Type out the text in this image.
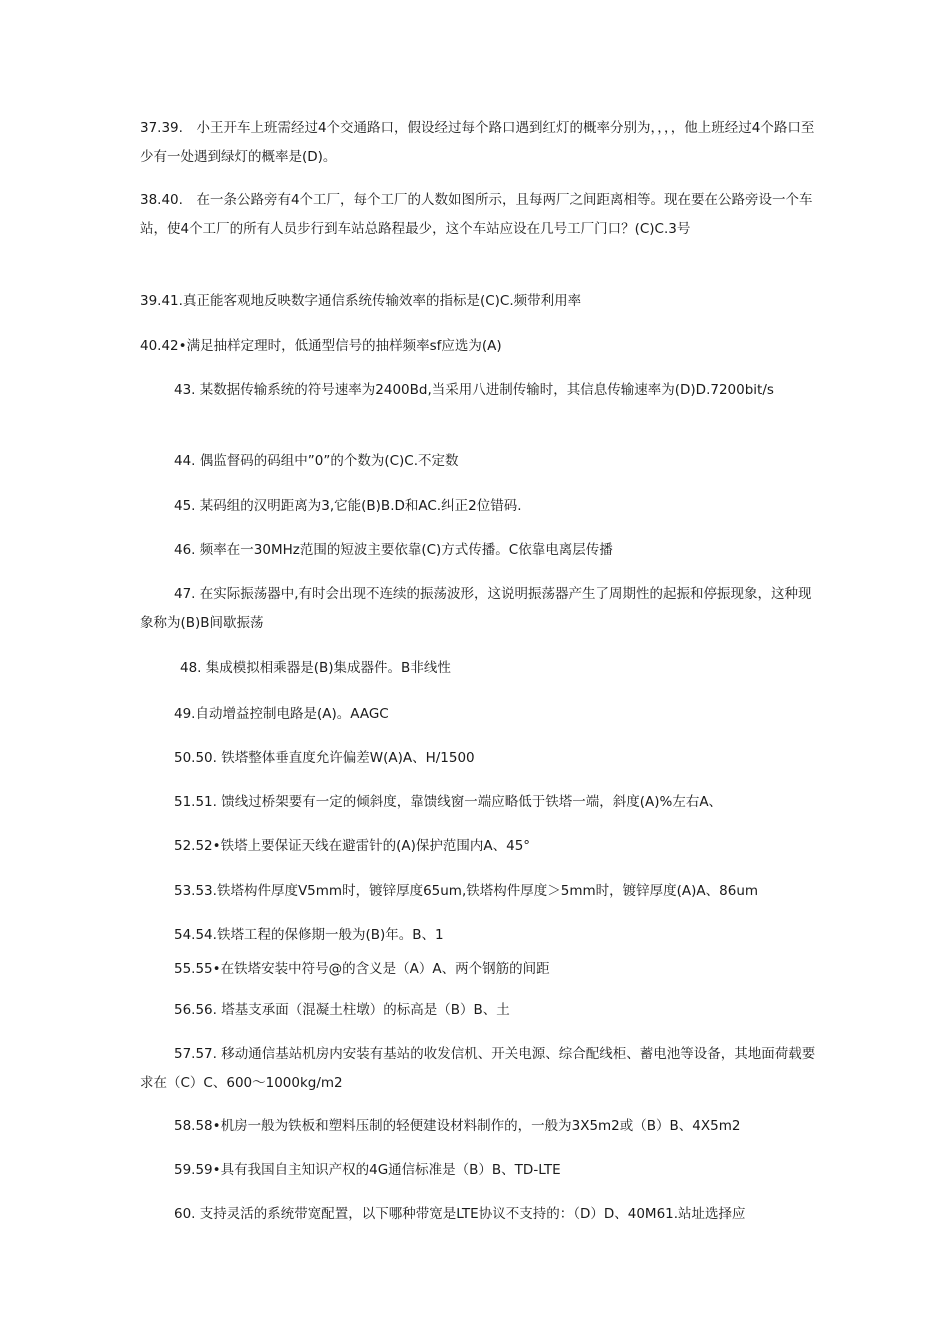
37.39.　小王开车上班需经过4个交通路口，假设经过每个路口遇到红灯的概率分别为，，，，他上班经过4个路口至少有一处遇到绿灯的概率是(D)。

38.40.　在一条公路旁有4个工厂，每个工厂的人数如图所示，且每两厂之间距离相等。现在要在公路旁设一个车站，使4个工厂的所有人员步行到车站总路程最少，这个车站应设在几号工厂门口？(C)C.3号

39.41.真正能客观地反映数字通信系统传输效率的指标是(C)C.频带利用率

40.42•满足抽样定理时，低通型信号的抽样频率sf应选为(A)

43. 某数据传输系统的符号速率为2400Bd,当采用八进制传输时，其信息传输速率为(D)D.7200bit/s

44. 偶监督码的码组中”0”的个数为(C)C.不定数

45. 某码组的汉明距离为3,它能(B)B.D和AC.纠正2位错码.

46. 频率在一30MHz范围的短波主要依靠(C)方式传播。C依靠电离层传播

47. 在实际振荡器中,有时会出现不连续的振荡波形，这说明振荡器产生了周期性的起振和停振现象，这种现象称为(B)B间歇振荡

48. 集成模拟相乘器是(B)集成器件。B非线性

49.自动增益控制电路是(A)。AAGC

50.50. 铁塔整体垂直度允许偏差W(A)A、H/1500

51.51. 馈线过桥架要有一定的倾斜度，靠馈线窗一端应略低于铁塔一端，斜度(A)%左右A、

52.52•铁塔上要保证天线在避雷针的(A)保护范围内A、45°

53.53.铁塔构件厚度V5mm时，镀锌厚度65um,铁塔构件厚度＞5mm时，镀锌厚度(A)A、86um

54.54.铁塔工程的保修期一般为(B)年。B、1

55.55•在铁塔安装中符号@的含义是（A）A、两个钢筋的间距

56.56. 塔基支承面（混凝土柱墩）的标高是（B）B、土

57.57. 移动通信基站机房内安装有基站的收发信机、开关电源、综合配线柜、蓄电池等设备，其地面荷载要求在（C）C、600〜1000kg/m2

58.58•机房一般为铁板和塑料压制的轻便建设材料制作的，一般为3X5m2或（B）B、4X5m2

59.59•具有我国自主知识产权的4G通信标准是（B）B、TD-LTE

60. 支持灵活的系统带宽配置，以下哪种带宽是LTE协议不支持的：（D）D、40M61.站址选择应
